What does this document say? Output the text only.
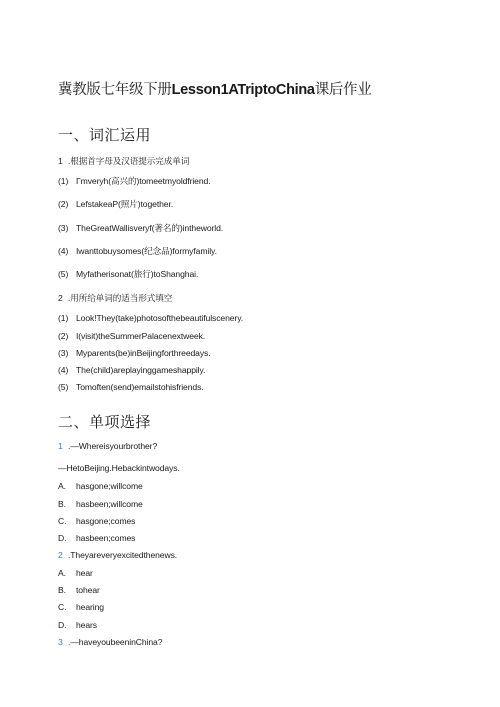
冀教版七年级下册Lesson1ATriptoChina课后作业
一、词汇运用
1 .根据首字母及汉语提示完成单词
(1) Γmveryh(高兴的)tomeetmyoldfriend.
(2) LefstakeaP(照片)together.
(3) TheGreatWallisveryf(著名的)intheworld.
(4) Iwanttobuysomes(纪念品)formyfamily.
(5) Myfatherisonat(旅行)toShanghai.
2 .用所给单词的适当形式填空
(1) Look!They(take)photosofthebeautifulscenery.
(2) I(visit)theSummerPalacenextweek.
(3) Myparents(be)inBeijingforthreedays.
(4) The(child)areplayinggameshappily.
(5) Tomoften(send)emailstohisfriends.
二、单项选择
1 .—Whereisyourbrother?
—HetoBeijing.Hebackintwodays.
A. hasgone;willcome
B. hasbeen;willcome
C. hasgone;comes
D. hasbeen;comes
2 .Theyareveryexcitedthenews.
A. hear
B. tohear
C. hearing
D. hears
3 .—haveyoubeeninChina?
